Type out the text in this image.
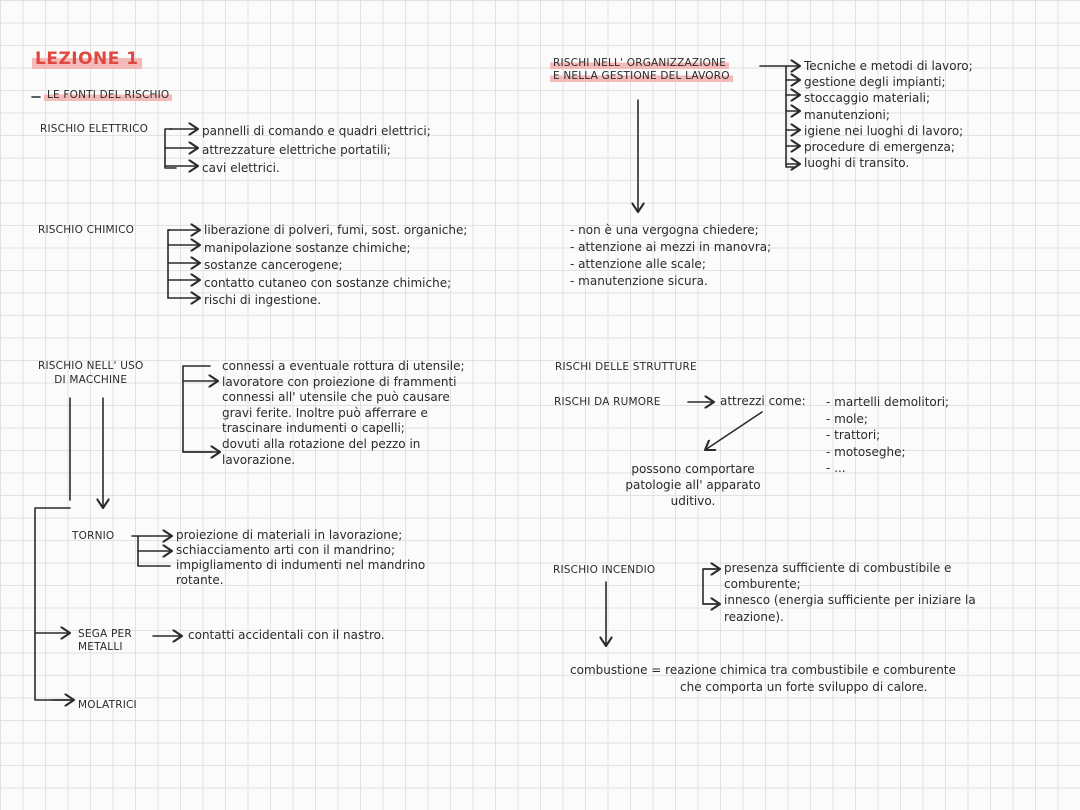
LEZIONE 1
LE FONTI DEL RISCHIO
RISCHIO ELETTRICO	pannelli di comando e quadri elettrici;
attrezzature elettriche portatili;
cavi elettrici.
RISCHIO CHIMICO	liberazione di polveri, fumi, sost. organiche;
manipolazione sostanze chimiche;
sostanze cancerogene;
contatto cutaneo con sostanze chimiche;
rischi di ingestione.
RISCHIO NELL' USO
DI MACCHINE
connessi a eventuale rottura di utensile;
lavoratore con proiezione di frammenti
connessi all' utensile che può causare
gravi ferite. Inoltre può afferrare e
trascinare indumenti o capelli;
dovuti alla rotazione del pezzo in
lavorazione.
TORNIO	proiezione di materiali in lavorazione;
schiacciamento arti con il mandrino;
impigliamento di indumenti nel mandrino
rotante.
SEGA PER
METALLI
contatti accidentali con il nastro.
MOLATRICI
RISCHI NELL' ORGANIZZAZIONE
E NELLA GESTIONE DEL LAVORO
Tecniche e metodi di lavoro;
gestione degli impianti;
stoccaggio materiali;
manutenzioni;
igiene nei luoghi di lavoro;
procedure di emergenza;
luoghi di transito.
- non è una vergogna chiedere;
- attenzione ai mezzi in manovra;
- attenzione alle scale;
- manutenzione sicura.
RISCHI DELLE STRUTTURE
RISCHI DA RUMORE	attrezzi come: - martelli demolitori;
- mole;
- trattori;
- motoseghe;
- ...
possono comportare
patologie all' apparato
uditivo.
RISCHIO INCENDIO	presenza sufficiente di combustibile e
comburente;
innesco (energia sufficiente per iniziare la
reazione).
combustione = reazione chimica tra combustibile e comburente
che comporta un forte sviluppo di calore.
